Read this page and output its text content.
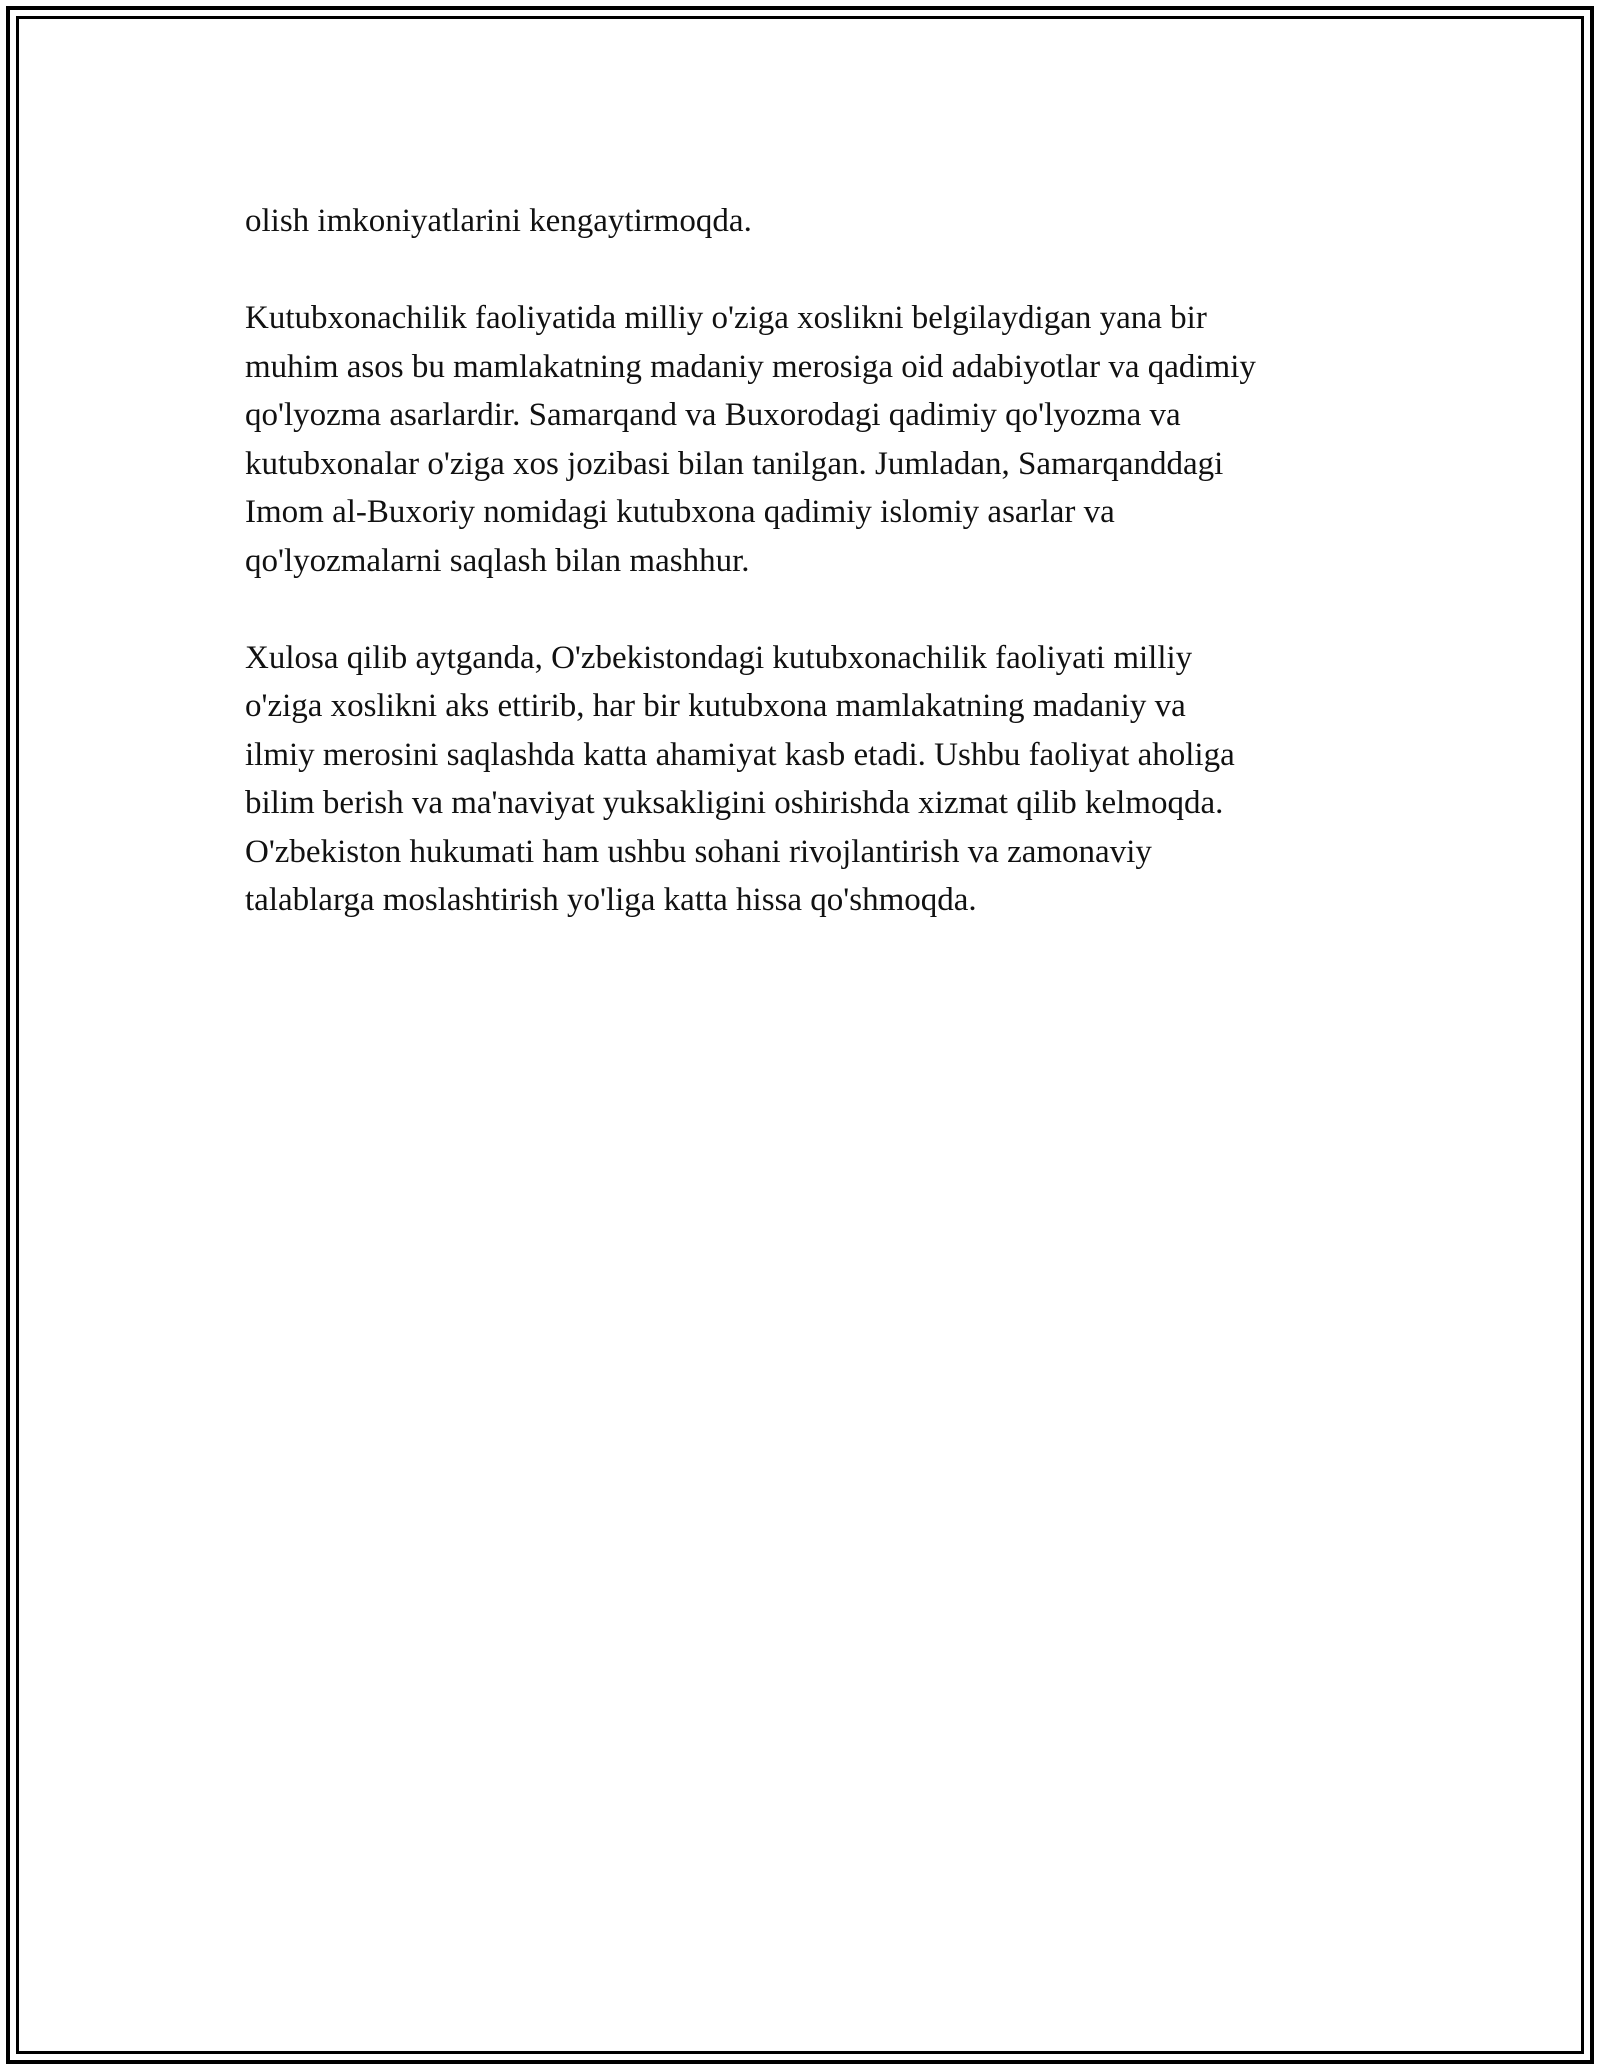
olish imkoniyatlarini kengaytirmoqda.

Kutubxonachilik faoliyatida milliy o'ziga xoslikni belgilaydigan yana bir
muhim asos bu mamlakatning madaniy merosiga oid adabiyotlar va qadimiy
qo'lyozma asarlardir. Samarqand va Buxorodagi qadimiy qo'lyozma va
kutubxonalar o'ziga xos jozibasi bilan tanilgan. Jumladan, Samarqanddagi
Imom al-Buxoriy nomidagi kutubxona qadimiy islomiy asarlar va
qo'lyozmalarni saqlash bilan mashhur.

Xulosa qilib aytganda, O'zbekistondagi kutubxonachilik faoliyati milliy
o'ziga xoslikni aks ettirib, har bir kutubxona mamlakatning madaniy va
ilmiy merosini saqlashda katta ahamiyat kasb etadi. Ushbu faoliyat aholiga
bilim berish va ma'naviyat yuksakligini oshirishda xizmat qilib kelmoqda.
O'zbekiston hukumati ham ushbu sohani rivojlantirish va zamonaviy
talablarga moslashtirish yo'liga katta hissa qo'shmoqda.
